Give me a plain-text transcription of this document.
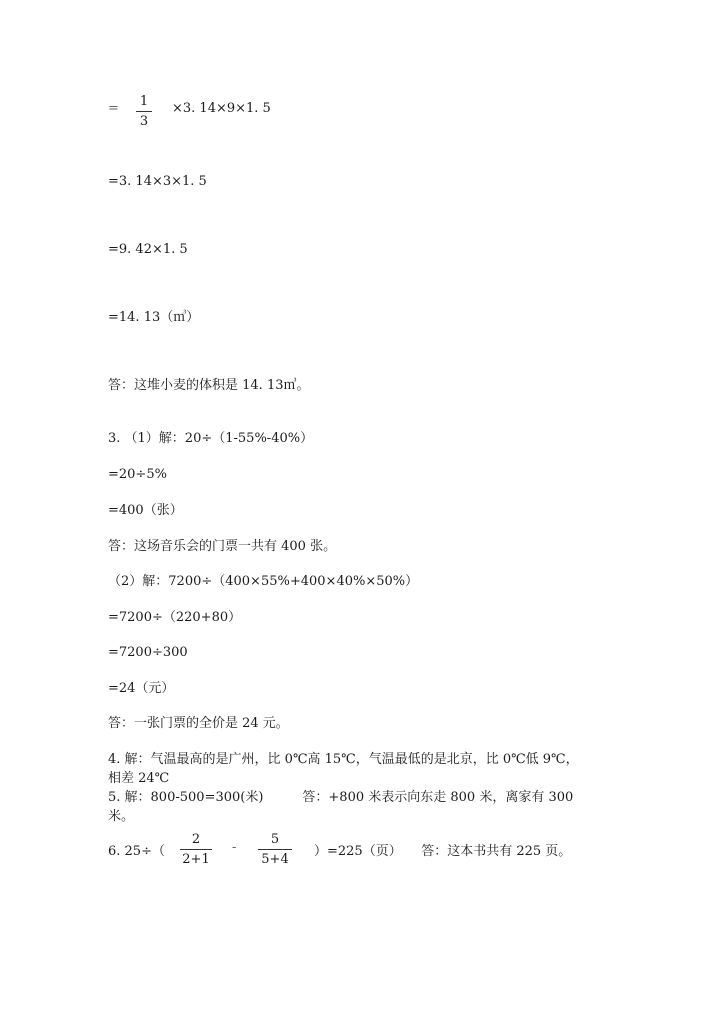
= 1
3
×3. 14×9×1. 5
=3. 14×3×1. 5
=9. 42×1. 5
=14. 13（㎥）
答：这堆小麦的体积是 14. 13㎥。
3. （1）解：20÷（1-55%-40%）
=20÷5%
=400（张）
答：这场音乐会的门票一共有 400 张。
（2）解：7200÷（400×55%+400×40%×50%）
=7200÷（220+80）
=7200÷300
=24（元）
答：一张门票的全价是 24 元。
4. 解：气温最高的是广州，比 0℃高 15℃，气温最低的是北京，比 0℃低 9℃，
相差 24℃
5. 解：800-500=300(米)　　　答：+800 米表示向东走 800 米，离家有 300
米。
6. 25÷（
2
2+1
-
5
5+4
）=225（页）　　答：这本书共有 225 页。
